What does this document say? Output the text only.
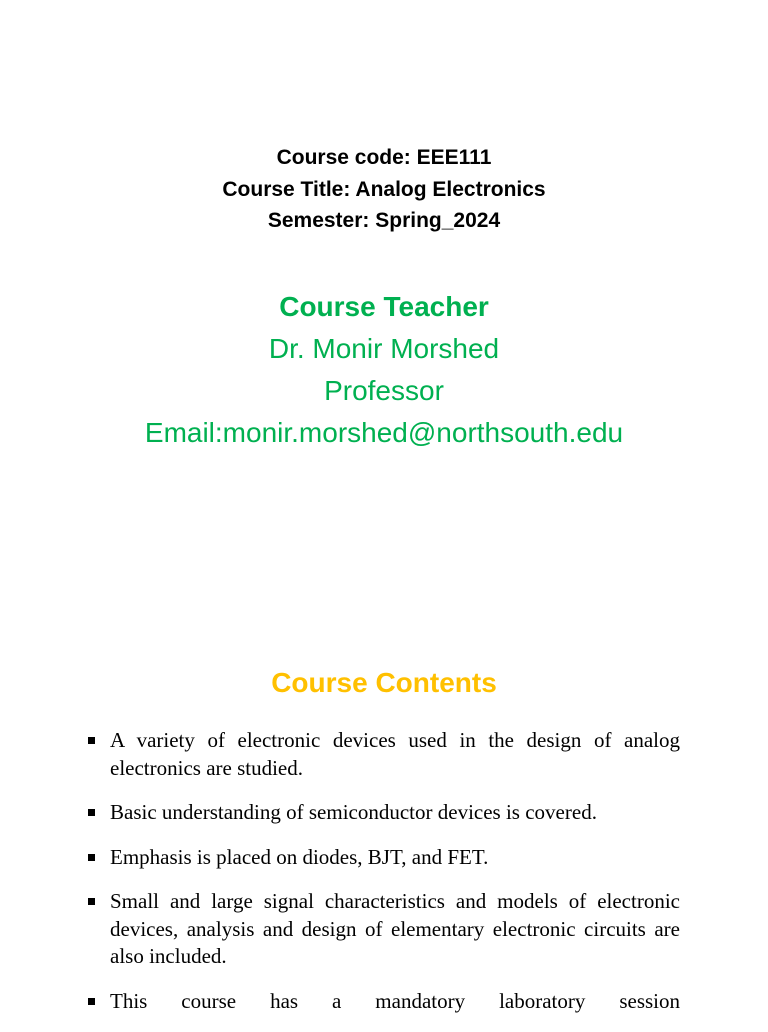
Course code: EEE111
Course Title: Analog Electronics
Semester: Spring_2024
Course Teacher
Dr. Monir Morshed
Professor
Email:monir.morshed@northsouth.edu
Course Contents
A variety of electronic devices used in the design of analog electronics are studied.
Basic understanding of semiconductor devices is covered.
Emphasis is placed on diodes, BJT, and FET.
Small and large signal characteristics and models of electronic devices, analysis and design of elementary electronic circuits are also included.
This course has a mandatory laboratory session
